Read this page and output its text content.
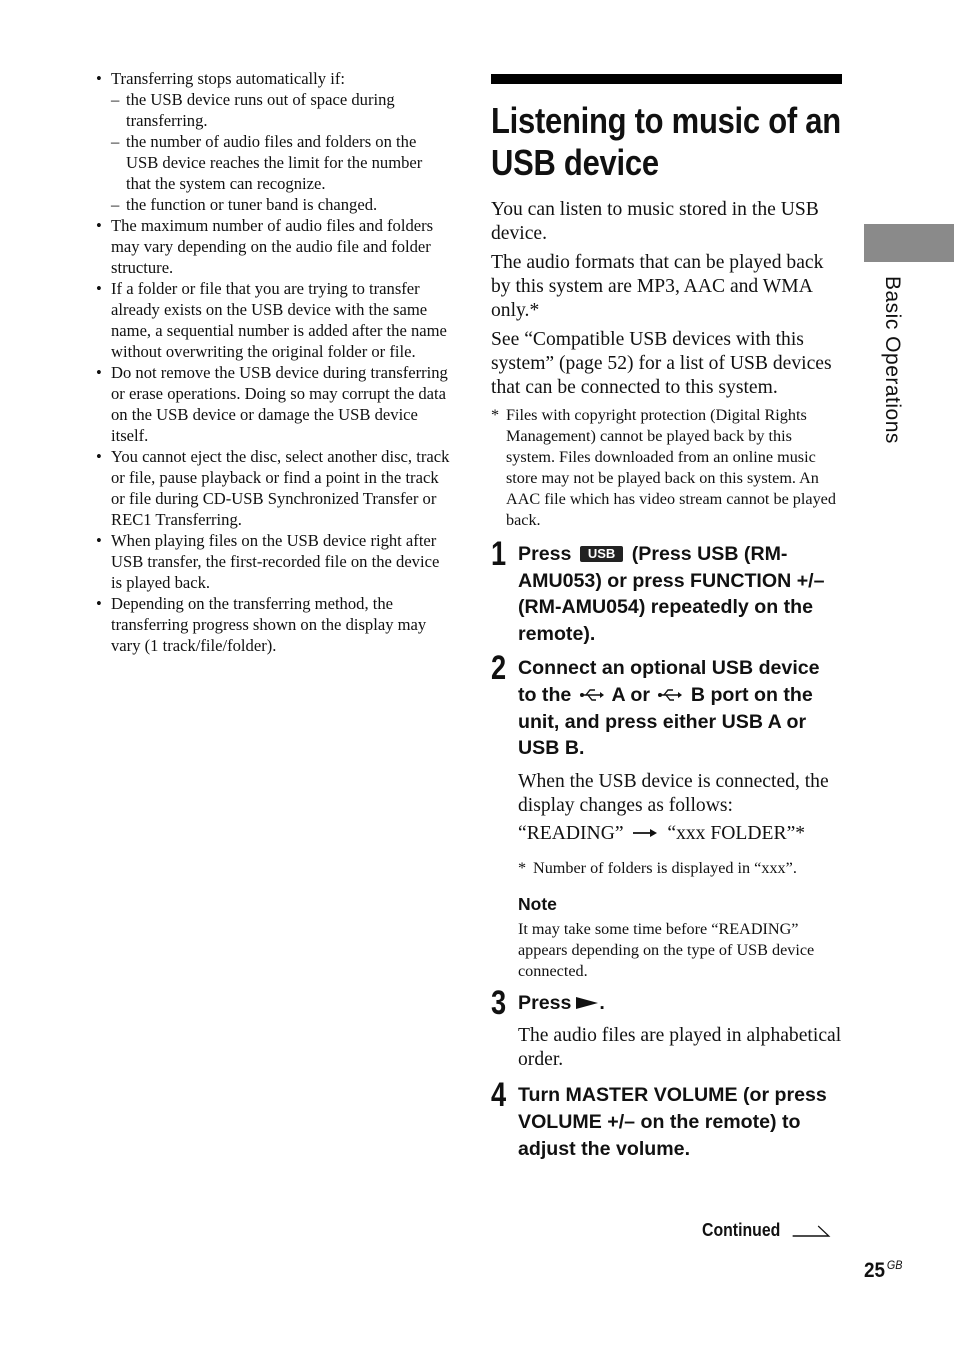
• Transferring stops automatically if:
– the USB device runs out of space during transferring.
– the number of audio files and folders on the USB device reaches the limit for the number that the system can recognize.
– the function or tuner band is changed.
• The maximum number of audio files and folders may vary depending on the audio file and folder structure.
• If a folder or file that you are trying to transfer already exists on the USB device with the same name, a sequential number is added after the name without overwriting the original folder or file.
• Do not remove the USB device during transferring or erase operations. Doing so may corrupt the data on the USB device or damage the USB device itself.
• You cannot eject the disc, select another disc, track or file, pause playback or find a point in the track or file during CD-USB Synchronized Transfer or REC1 Transferring.
• When playing files on the USB device right after USB transfer, the first-recorded file on the device is played back.
• Depending on the transferring method, the transferring progress shown on the display may vary (1 track/file/folder).
Listening to music of an USB device

You can listen to music stored in the USB device.

The audio formats that can be played back by this system are MP3, AAC and WMA only.*

See “Compatible USB devices with this system” (page 52) for a list of USB devices that can be connected to this system.

* Files with copyright protection (Digital Rights Management) cannot be played back by this system. Files downloaded from an online music store may not be played back on this system. An AAC file which has video stream cannot be played back.
1 Press USB (Press USB (RM-AMU053) or press FUNCTION +/– (RM-AMU054) repeatedly on the remote).
2 Connect an optional USB device to the A or B port on the unit, and press either USB A or USB B.
When the USB device is connected, the display changes as follows:
“READING” “xxx FOLDER”*
* Number of folders is displayed in “xxx”.
Note
It may take some time before “READING” appears depending on the type of USB device connected.
3 Press .
The audio files are played in alphabetical order.
4 Turn MASTER VOLUME (or press VOLUME +/– on the remote) to adjust the volume.
Continued
Basic Operations
25 $^{GB}$
